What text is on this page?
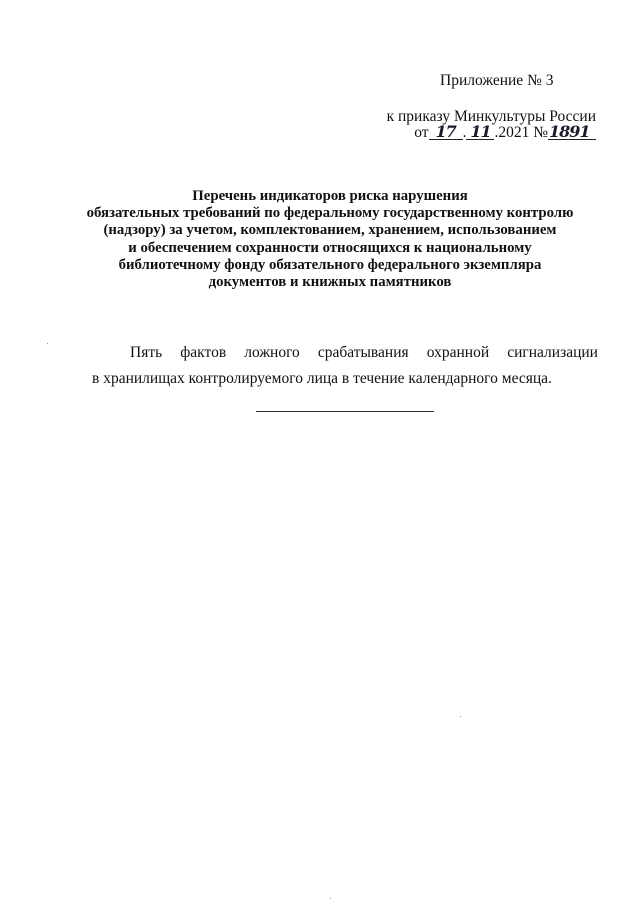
Приложение № 3
к приказу Минкультуры России
от 17 . 11 .2021 №1891
Перечень индикаторов риска нарушения
обязательных требований по федеральному государственному контролю
(надзору) за учетом, комплектованием, хранением, использованием
и обеспечением сохранности относящихся к национальному
библиотечному фонду обязательного федерального экземпляра
документов и книжных памятников
Пять фактов ложного срабатывания охранной сигнализации
в хранилищах контролируемого лица в течение календарного месяца.
